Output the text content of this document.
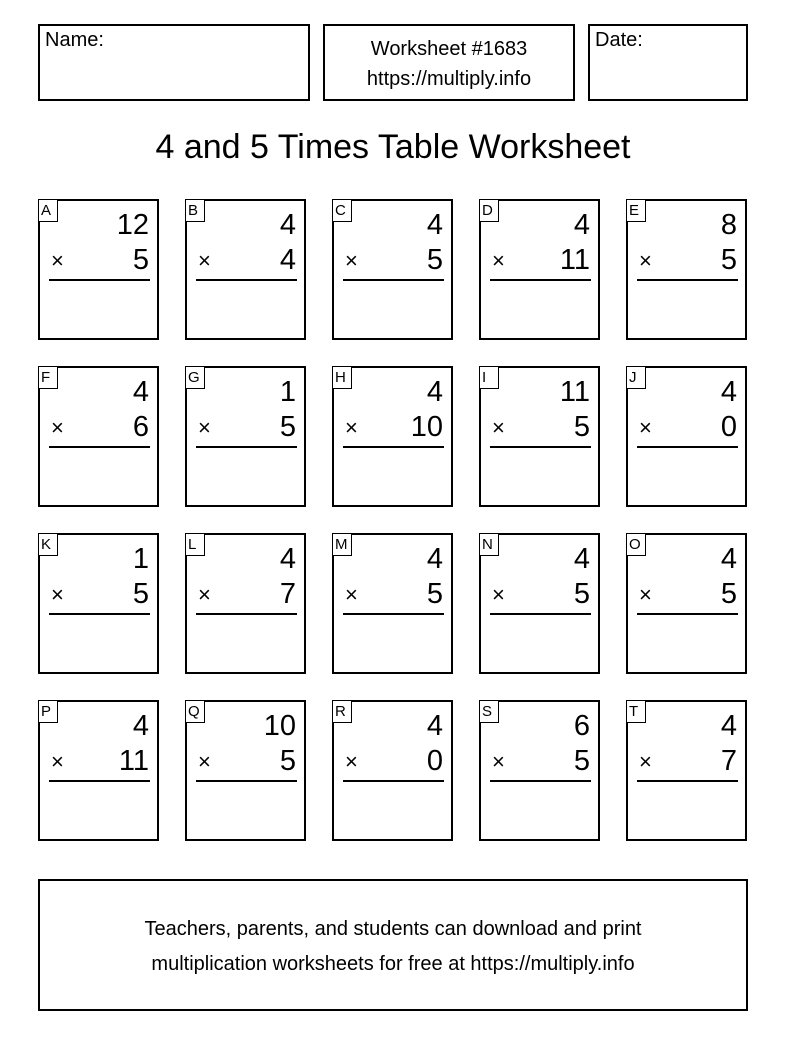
Name:	Worksheet #1683
https://multiply.info
Date:
4 and 5 Times Table Worksheet
A 12
× 5
B	4
× 4
C	4
× 5
D	4
× 11
E	8
× 5
F	4
× 6
G	1
× 5
H	4
× 10
I	11
× 5
J	4
× 0
K	1
× 5
L	4
× 7
M	4
× 5
N	4
× 5
O	4
× 5
P	4
× 11
Q 10
× 5
R	4
× 0
S	6
× 5
T	4
× 7
Teachers, parents, and students can download and print
multiplication worksheets for free at https://multiply.info
